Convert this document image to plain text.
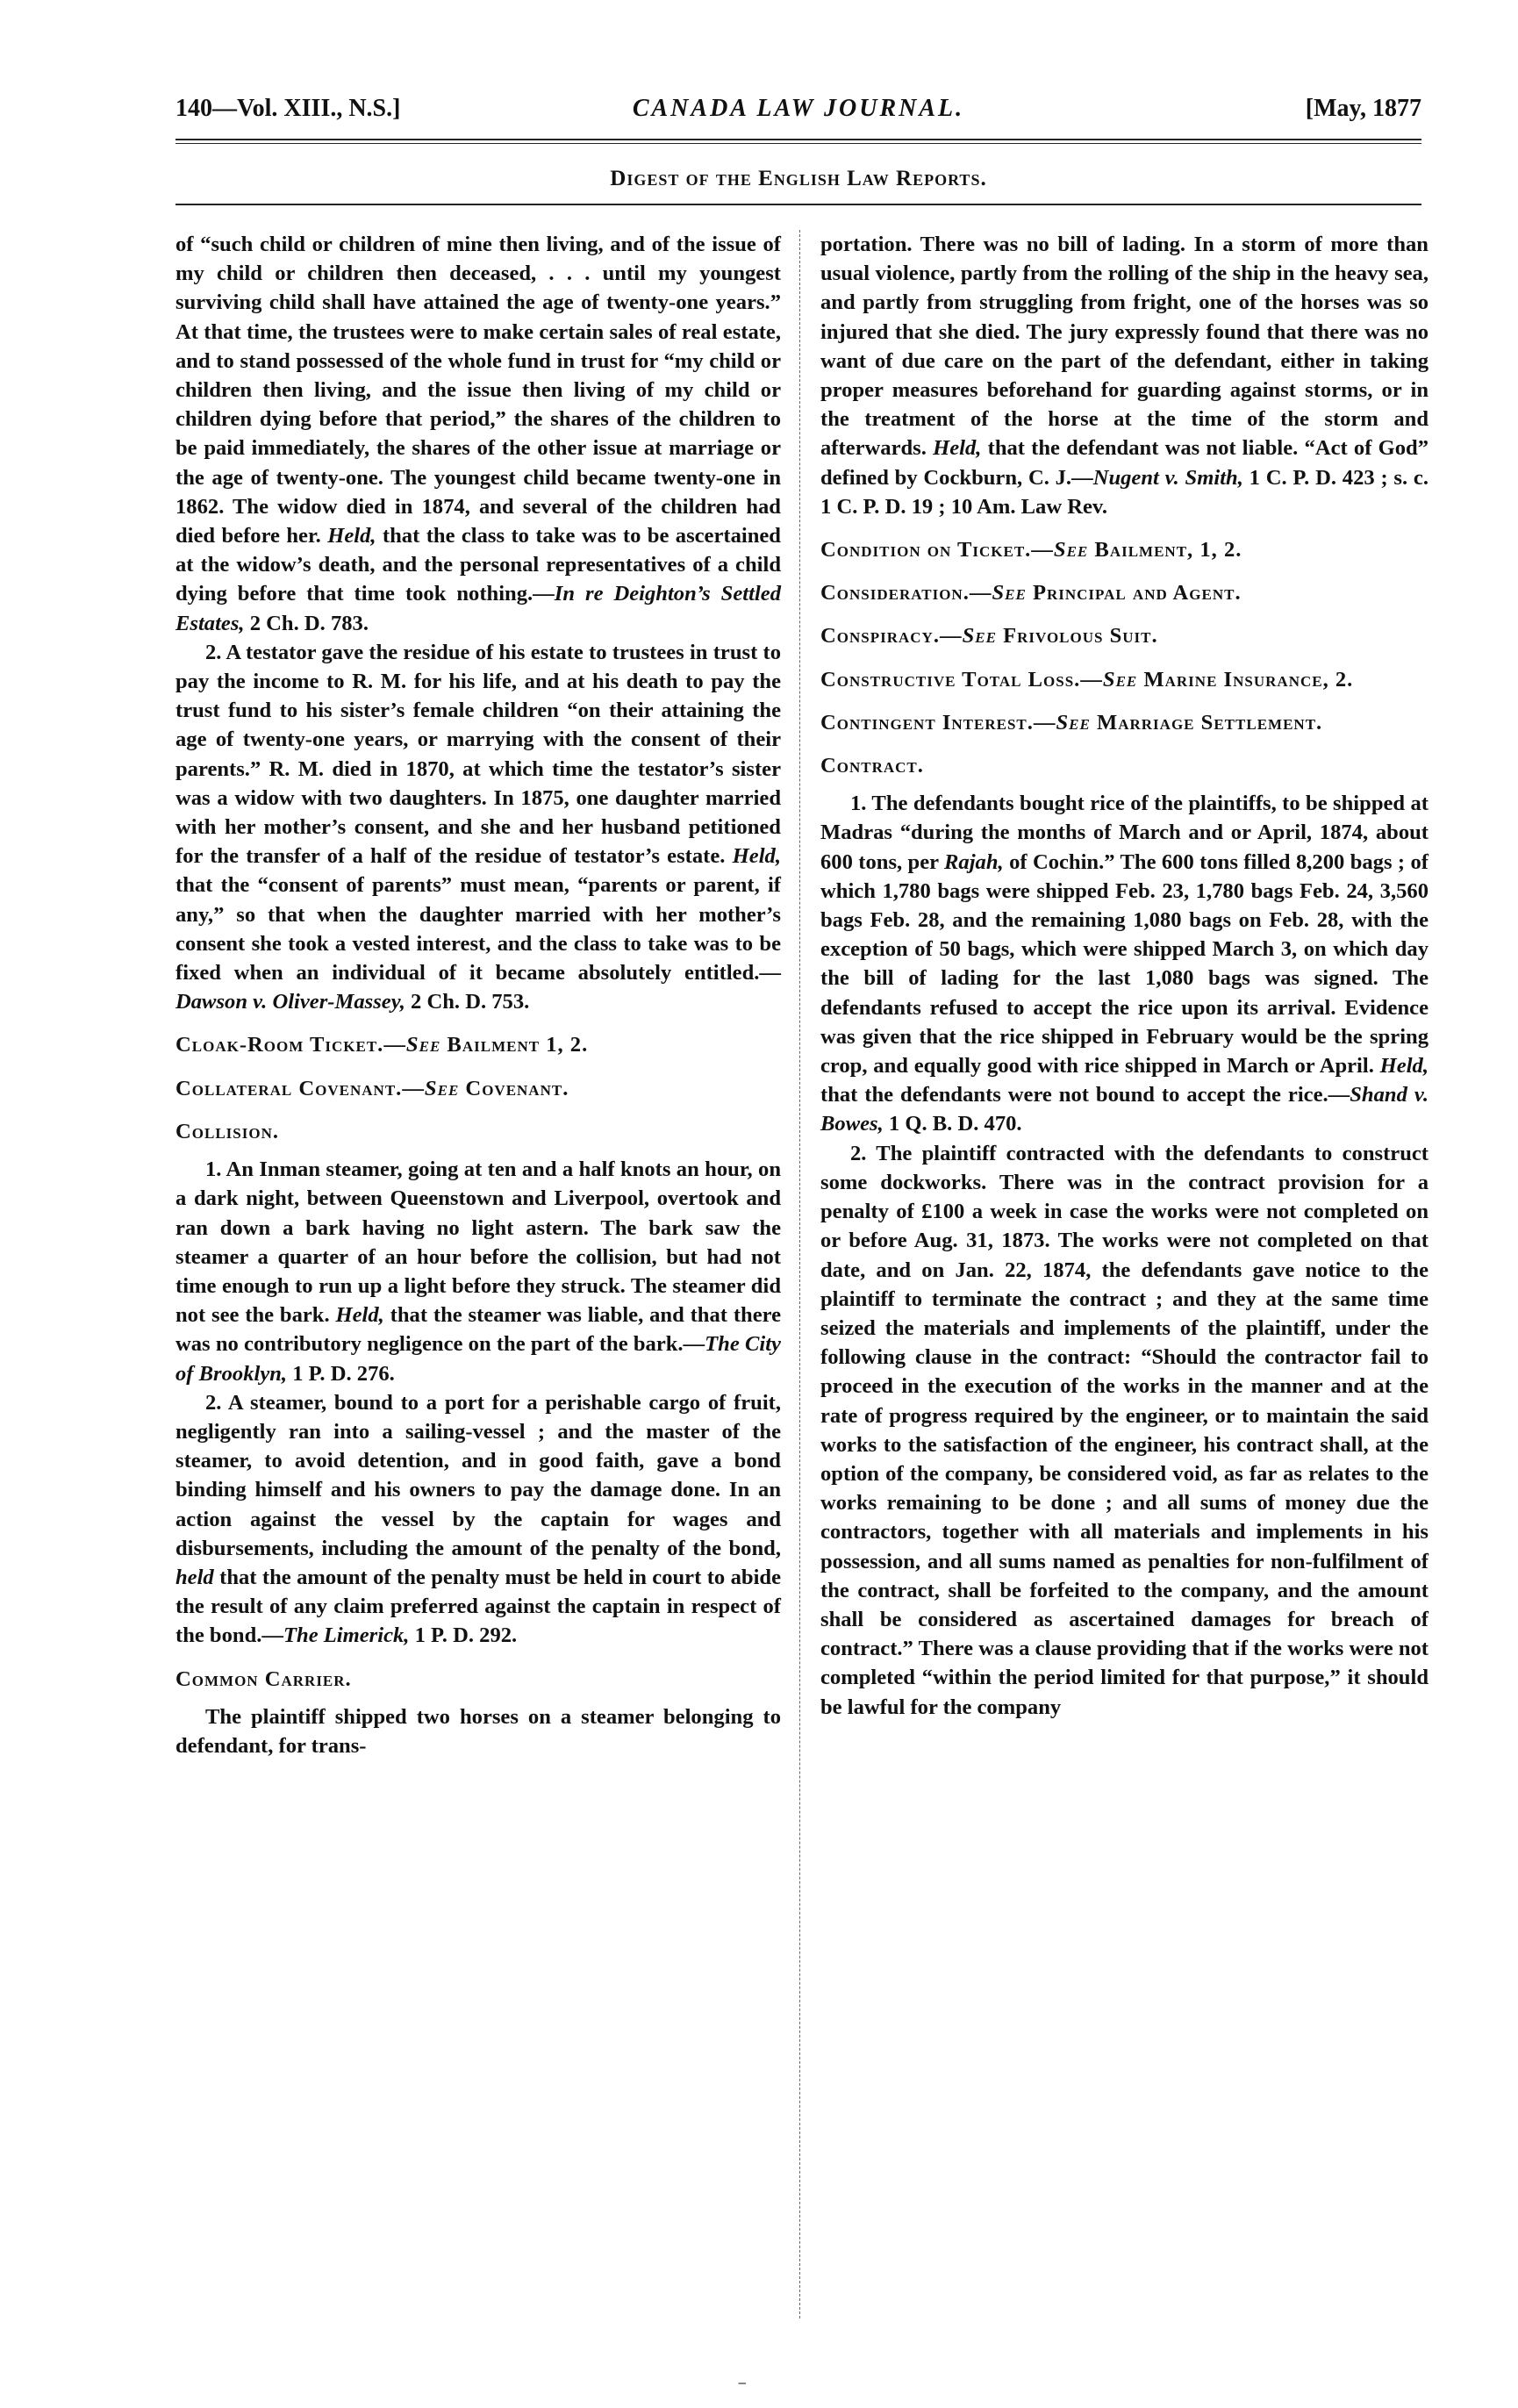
140—Vol. XIII., N.S.]	CANADA LAW JOURNAL.	[May, 1877
Digest of the English Law Reports.

of “such child or children of mine then living, and of the issue of my child or children then deceased, . . . until my youngest surviving child shall have attained the age of twenty-one years.” At that time, the trustees were to make certain sales of real estate, and to stand possessed of the whole fund in trust for “my child or children then living, and the issue then living of my child or children dying before that period,” the shares of the children to be paid immediately, the shares of the other issue at marriage or the age of twenty-one. The youngest child became twenty-one in 1862. The widow died in 1874, and several of the children had died before her. Held, that the class to take was to be ascertained at the widow’s death, and the personal representatives of a child dying before that time took nothing.—In re Deighton’s Settled Estates, 2 Ch. D. 783.

2. A testator gave the residue of his estate to trustees in trust to pay the income to R. M. for his life, and at his death to pay the trust fund to his sister’s female children “on their attaining the age of twenty-one years, or marrying with the consent of their parents.” R. M. died in 1870, at which time the testator’s sister was a widow with two daughters. In 1875, one daughter married with her mother’s consent, and she and her husband petitioned for the transfer of a half of the residue of testator’s estate. Held, that the “consent of parents” must mean, “parents or parent, if any,” so that when the daughter married with her mother’s consent she took a vested interest, and the class to take was to be fixed when an individual of it became absolutely entitled.—Dawson v. Oliver-Massey, 2 Ch. D. 753.

Cloak-Room Ticket.—See Bailment 1, 2.

Collateral Covenant.—See Covenant.

Collision.

1. An Inman steamer, going at ten and a half knots an hour, on a dark night, between Queenstown and Liverpool, overtook and ran down a bark having no light astern. The bark saw the steamer a quarter of an hour before the collision, but had not time enough to run up a light before they struck. The steamer did not see the bark. Held, that the steamer was liable, and that there was no contributory negligence on the part of the bark.—The City of Brooklyn, 1 P. D. 276.

2. A steamer, bound to a port for a perishable cargo of fruit, negligently ran into a sailing-vessel ; and the master of the steamer, to avoid detention, and in good faith, gave a bond binding himself and his owners to pay the damage done. In an action against the vessel by the captain for wages and disbursements, including the amount of the penalty of the bond, held that the amount of the penalty must be held in court to abide the result of any claim preferred against the captain in respect of the bond.—The Limerick, 1 P. D. 292.

Common Carrier.

The plaintiff shipped two horses on a steamer belonging to defendant, for trans-

portation. There was no bill of lading. In a storm of more than usual violence, partly from the rolling of the ship in the heavy sea, and partly from struggling from fright, one of the horses was so injured that she died. The jury expressly found that there was no want of due care on the part of the defendant, either in taking proper measures beforehand for guarding against storms, or in the treatment of the horse at the time of the storm and afterwards. Held, that the defendant was not liable. “Act of God” defined by Cockburn, C. J.—Nugent v. Smith, 1 C. P. D. 423 ; s. c. 1 C. P. D. 19 ; 10 Am. Law Rev.

Condition on Ticket.—See Bailment, 1, 2.

Consideration.—See Principal and Agent.

Conspiracy.—See Frivolous Suit.

Constructive Total Loss.—See Marine Insurance, 2.

Contingent Interest.—See Marriage Settlement.

Contract.

1. The defendants bought rice of the plaintiffs, to be shipped at Madras “during the months of March and or April, 1874, about 600 tons, per Rajah, of Cochin.” The 600 tons filled 8,200 bags ; of which 1,780 bags were shipped Feb. 23, 1,780 bags Feb. 24, 3,560 bags Feb. 28, and the remaining 1,080 bags on Feb. 28, with the exception of 50 bags, which were shipped March 3, on which day the bill of lading for the last 1,080 bags was signed. The defendants refused to accept the rice upon its arrival. Evidence was given that the rice shipped in February would be the spring crop, and equally good with rice shipped in March or April. Held, that the defendants were not bound to accept the rice.—Shand v. Bowes, 1 Q. B. D. 470.

2. The plaintiff contracted with the defendants to construct some dockworks. There was in the contract provision for a penalty of £100 a week in case the works were not completed on or before Aug. 31, 1873. The works were not completed on that date, and on Jan. 22, 1874, the defendants gave notice to the plaintiff to terminate the contract ; and they at the same time seized the materials and implements of the plaintiff, under the following clause in the contract: “Should the contractor fail to proceed in the execution of the works in the manner and at the rate of progress required by the engineer, or to maintain the said works to the satisfaction of the engineer, his contract shall, at the option of the company, be considered void, as far as relates to the works remaining to be done ; and all sums of money due the contractors, together with all materials and implements in his possession, and all sums named as penalties for non-fulfilment of the contract, shall be forfeited to the company, and the amount shall be considered as ascertained damages for breach of contract.” There was a clause providing that if the works were not completed “within the period limited for that purpose,” it should be lawful for the company

⁻
